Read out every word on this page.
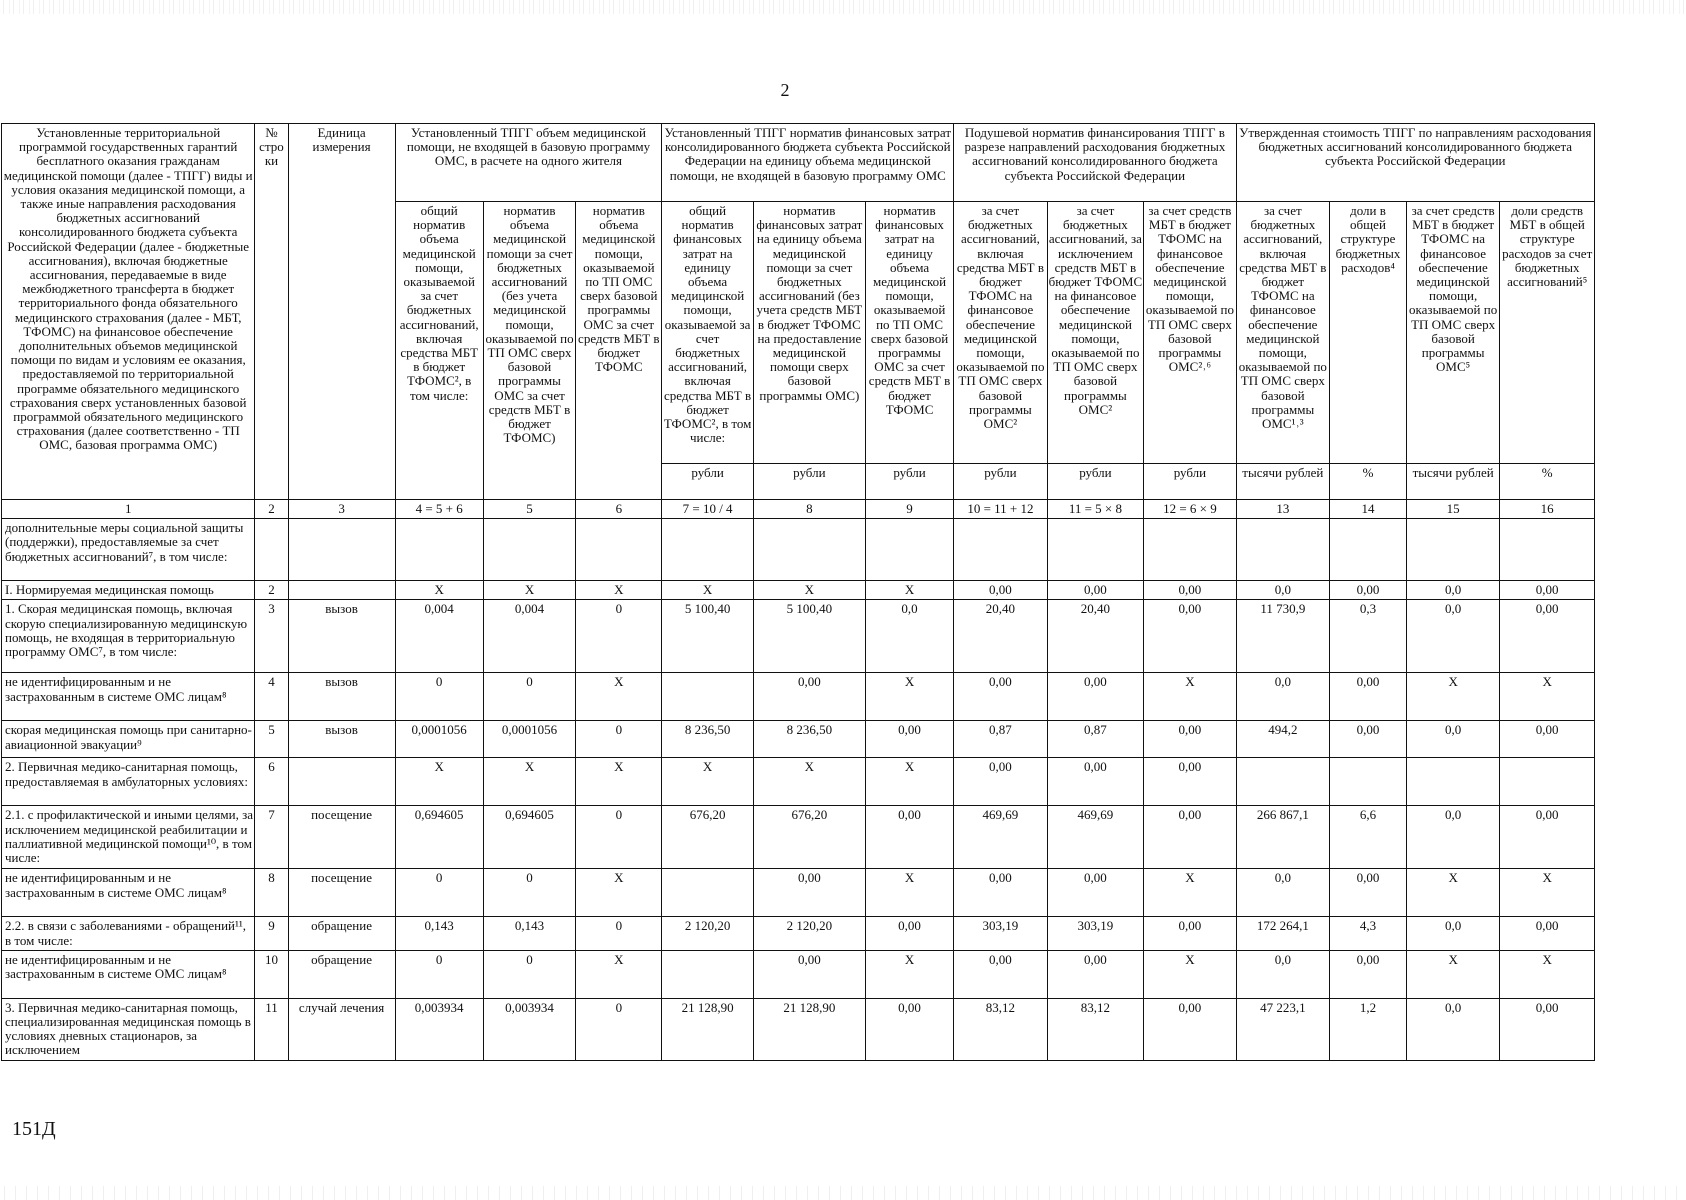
2
Установленные территориальной программой государственных гарантий бесплатного оказания гражданам медицинской помощи (далее - ТПГГ) виды и условия оказания медицинской помощи, а также иные направления расходования бюджетных ассигнований консолидированного бюджета субъекта Российской Федерации (далее - бюджетные ассигнования), включая бюджетные ассигнования, передаваемые в виде межбюджетного трансферта в бюджет территориального фонда обязательного медицинского страхования (далее - МБТ, ТФОМС) на финансовое обеспечение дополнительных объемов медицинской помощи по видам и условиям ее оказания, предоставляемой по территориальной программе обязательного медицинского страхования сверх установленных базовой программой обязательного медицинского страхования (далее соответственно - ТП ОМС, базовая программа ОМС)	№ строки	Единица измерения	Установленный ТПГГ объем медицинской помощи, не входящей в базовую программу ОМС, в расчете на одного жителя			Установленный ТПГГ норматив финансовых затрат консолидированного бюджета субъекта Российской Федерации на единицу объема медицинской помощи, не входящей в базовую программу ОМС			Подушевой норматив финансирования ТПГГ в разрезе направлений расходования бюджетных ассигнований консолидированного бюджета субъекта Российской Федерации			Утвержденная стоимость ТПГГ по направлениям расходования бюджетных ассигнований консолидированного бюджета субъекта Российской Федерации			
			общий норматив объема медицинской помощи, оказываемой за счет бюджетных ассигнований, включая средства МБТ в бюджет ТФОМС², в том числе:	норматив объема медицинской помощи за счет бюджетных ассигнований (без учета медицинской помощи, оказываемой по ТП ОМС сверх базовой программы ОМС за счет средств МБТ в бюджет ТФОМС)	норматив объема медицинской помощи, оказываемой по ТП ОМС сверх базовой программы ОМС за счет средств МБТ в бюджет ТФОМС	общий норматив финансовых затрат на единицу объема медицинской помощи, оказываемой за счет бюджетных ассигнований, включая средства МБТ в бюджет ТФОМС², в том числе:	норматив финансовых затрат на единицу объема медицинской помощи за счет бюджетных ассигнований (без учета средств МБТ в бюджет ТФОМС на предоставление медицинской помощи сверх базовой программы ОМС)	норматив финансовых затрат на единицу объема медицинской помощи, оказываемой по ТП ОМС сверх базовой программы ОМС за счет средств МБТ в бюджет ТФОМС	за счет бюджетных ассигнований, включая средства МБТ в бюджет ТФОМС на финансовое обеспечение медицинской помощи, оказываемой по ТП ОМС сверх базовой программы ОМС²	за счет бюджетных ассигнований, за исключением средств МБТ в бюджет ТФОМС на финансовое обеспечение медицинской помощи, оказываемой по ТП ОМС сверх базовой программы ОМС²	за счет средств МБТ в бюджет ТФОМС на финансовое обеспечение медицинской помощи, оказываемой по ТП ОМС сверх базовой программы ОМС²˒⁶	за счет бюджетных ассигнований, включая средства МБТ в бюджет ТФОМС на финансовое обеспечение медицинской помощи, оказываемой по ТП ОМС сверх базовой программы ОМС¹˒³	доли в общей структуре бюджетных расходов⁴	за счет средств МБТ в бюджет ТФОМС на финансовое обеспечение медицинской помощи, оказываемой по ТП ОМС сверх базовой программы ОМС⁵	доли средств МБТ в общей структуре расходов за счет бюджетных ассигнований⁵
						рубли	рубли	рубли	рубли	рубли	рубли	тысячи рублей	%	тысячи рублей	%
1	2	3	4 = 5 + 6	5	6	7 = 10 / 4	8	9	10 = 11 + 12	11 = 5 × 8	12 = 6 × 9	13	14	15	16
дополнительные меры социальной защиты (поддержки), предоставляемые за счет бюджетных ассигнований⁷, в том числе:															
I. Нормируемая медицинская помощь	2		X	X	X	X	X	X	0,00	0,00	0,00	0,0	0,00	0,0	0,00
1. Скорая медицинская помощь, включая скорую специализированную медицинскую помощь, не входящая в территориальную программу ОМС⁷, в том числе:	3	вызов	0,004	0,004	0	5 100,40	5 100,40	0,0	20,40	20,40	0,00	11 730,9	0,3	0,0	0,00
не идентифицированным и не застрахованным в системе ОМС лицам⁸	4	вызов	0	0	X		0,00	X	0,00	0,00	X	0,0	0,00	X	X
скорая медицинская помощь при санитарно-авиационной эвакуации⁹	5	вызов	0,0001056	0,0001056	0	8 236,50	8 236,50	0,00	0,87	0,87	0,00	494,2	0,00	0,0	0,00
2. Первичная медико-санитарная помощь, предоставляемая в амбулаторных условиях:	6		X	X	X	X	X	X	0,00	0,00	0,00				
2.1. с профилактической и иными целями, за исключением медицинской реабилитации и паллиативной медицинской помощи¹⁰, в том числе:	7	посещение	0,694605	0,694605	0	676,20	676,20	0,00	469,69	469,69	0,00	266 867,1	6,6	0,0	0,00
не идентифицированным и не застрахованным в системе ОМС лицам⁸	8	посещение	0	0	X		0,00	X	0,00	0,00	X	0,0	0,00	X	X
2.2. в связи с заболеваниями - обращений¹¹, в том числе:	9	обращение	0,143	0,143	0	2 120,20	2 120,20	0,00	303,19	303,19	0,00	172 264,1	4,3	0,0	0,00
не идентифицированным и не застрахованным в системе ОМС лицам⁸	10	обращение	0	0	X		0,00	X	0,00	0,00	X	0,0	0,00	X	X
3. Первичная медико-санитарная помощь, специализированная медицинская помощь в условиях дневных стационаров, за исключением	11	случай лечения	0,003934	0,003934	0	21 128,90	21 128,90	0,00	83,12	83,12	0,00	47 223,1	1,2	0,0	0,00
151Д
